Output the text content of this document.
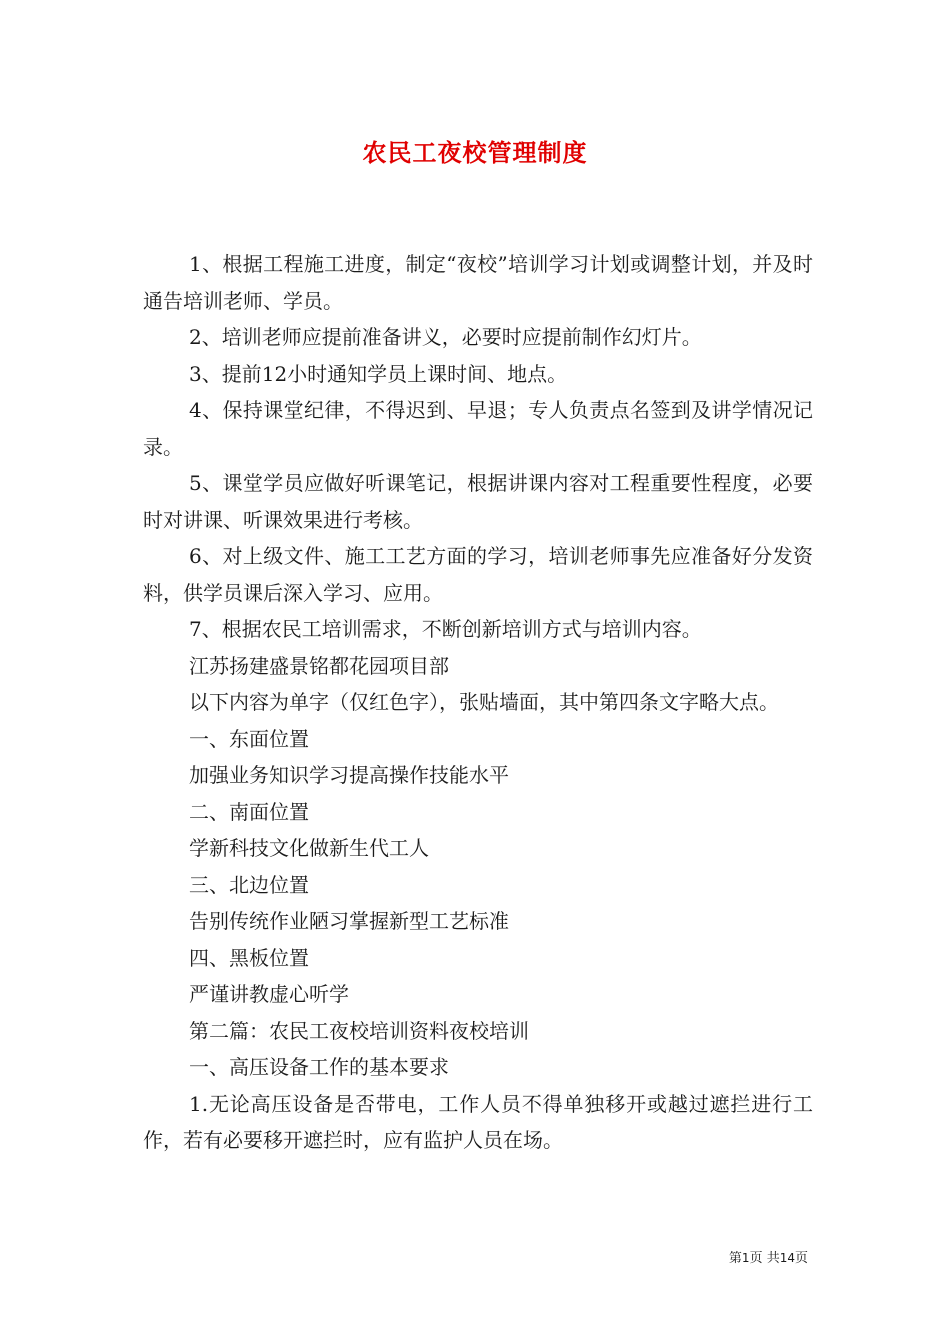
农民工夜校管理制度

1、根据工程施工进度，制定“夜校”培训学习计划或调整计划，并及时通告培训老师、学员。

2、培训老师应提前准备讲义，必要时应提前制作幻灯片。

3、提前12小时通知学员上课时间、地点。

4、保持课堂纪律，不得迟到、早退；专人负责点名签到及讲学情况记录。

5、课堂学员应做好听课笔记，根据讲课内容对工程重要性程度，必要时对讲课、听课效果进行考核。

6、对上级文件、施工工艺方面的学习，培训老师事先应准备好分发资料，供学员课后深入学习、应用。

7、根据农民工培训需求，不断创新培训方式与培训内容。

江苏扬建盛景铭都花园项目部

以下内容为单字（仅红色字），张贴墙面，其中第四条文字略大点。

一、东面位置

加强业务知识学习提高操作技能水平

二、南面位置

学新科技文化做新生代工人

三、北边位置

告别传统作业陋习掌握新型工艺标准

四、黑板位置

严谨讲教虚心听学

第二篇：农民工夜校培训资料夜校培训

一、高压设备工作的基本要求

1.无论高压设备是否带电，工作人员不得单独移开或越过遮拦进行工作，若有必要移开遮拦时，应有监护人员在场。

第1页 共14页
